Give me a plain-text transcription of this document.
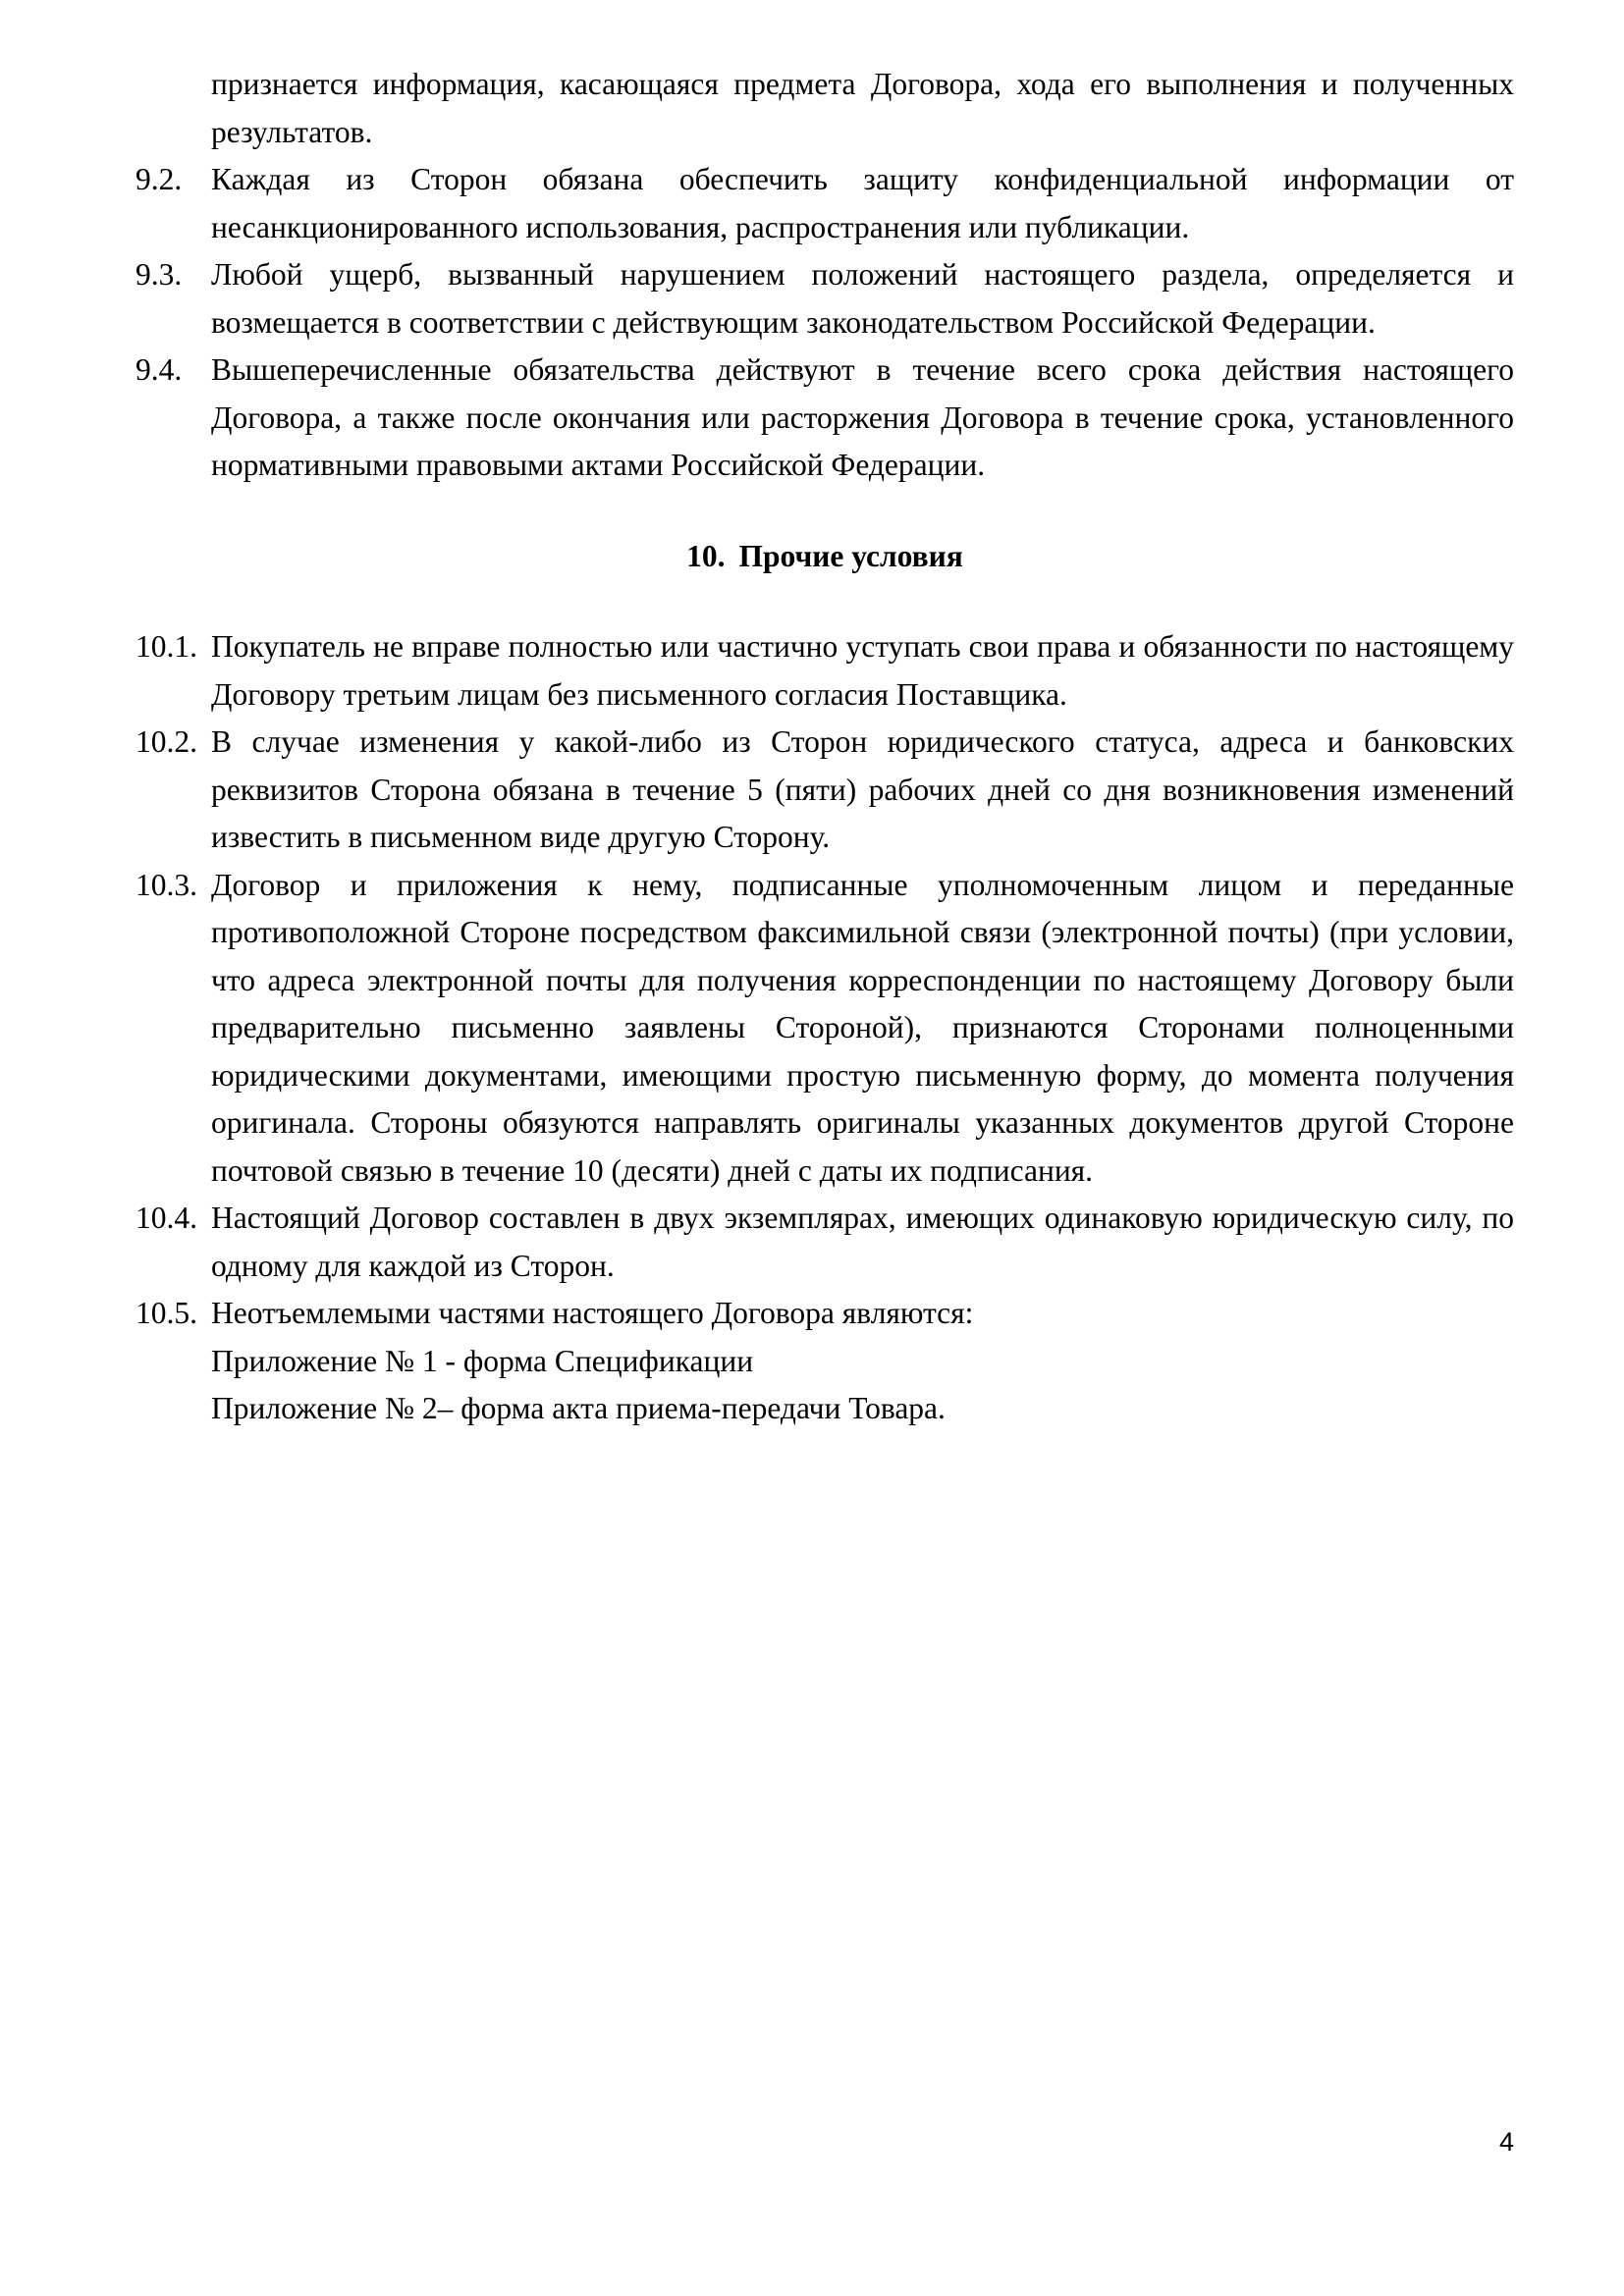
признается информация, касающаяся предмета Договора, хода его выполнения и полученных результатов.
9.2. Каждая из Сторон обязана обеспечить защиту конфиденциальной информации от несанкционированного использования, распространения или публикации.
9.3. Любой ущерб, вызванный нарушением положений настоящего раздела, определяется и возмещается в соответствии с действующим законодательством Российской Федерации.
9.4. Вышеперечисленные обязательства действуют в течение всего срока действия настоящего Договора, а также после окончания или расторжения Договора в течение срока, установленного нормативными правовыми актами Российской Федерации.
10. Прочие условия
10.1. Покупатель не вправе полностью или частично уступать свои права и обязанности по настоящему Договору третьим лицам без письменного согласия Поставщика.
10.2. В случае изменения у какой-либо из Сторон юридического статуса, адреса и банковских реквизитов Сторона обязана в течение 5 (пяти) рабочих дней со дня возникновения изменений известить в письменном виде другую Сторону.
10.3. Договор и приложения к нему, подписанные уполномоченным лицом и переданные противоположной Стороне посредством факсимильной связи (электронной почты) (при условии, что адреса электронной почты для получения корреспонденции по настоящему Договору были предварительно письменно заявлены Стороной), признаются Сторонами полноценными юридическими документами, имеющими простую письменную форму, до момента получения оригинала. Стороны обязуются направлять оригиналы указанных документов другой Стороне почтовой связью в течение 10 (десяти) дней с даты их подписания.
10.4. Настоящий Договор составлен в двух экземплярах, имеющих одинаковую юридическую силу, по одному для каждой из Сторон.
10.5. Неотъемлемыми частями настоящего Договора являются:
Приложение № 1 - форма Спецификации
Приложение № 2– форма акта приема-передачи Товара.
4
